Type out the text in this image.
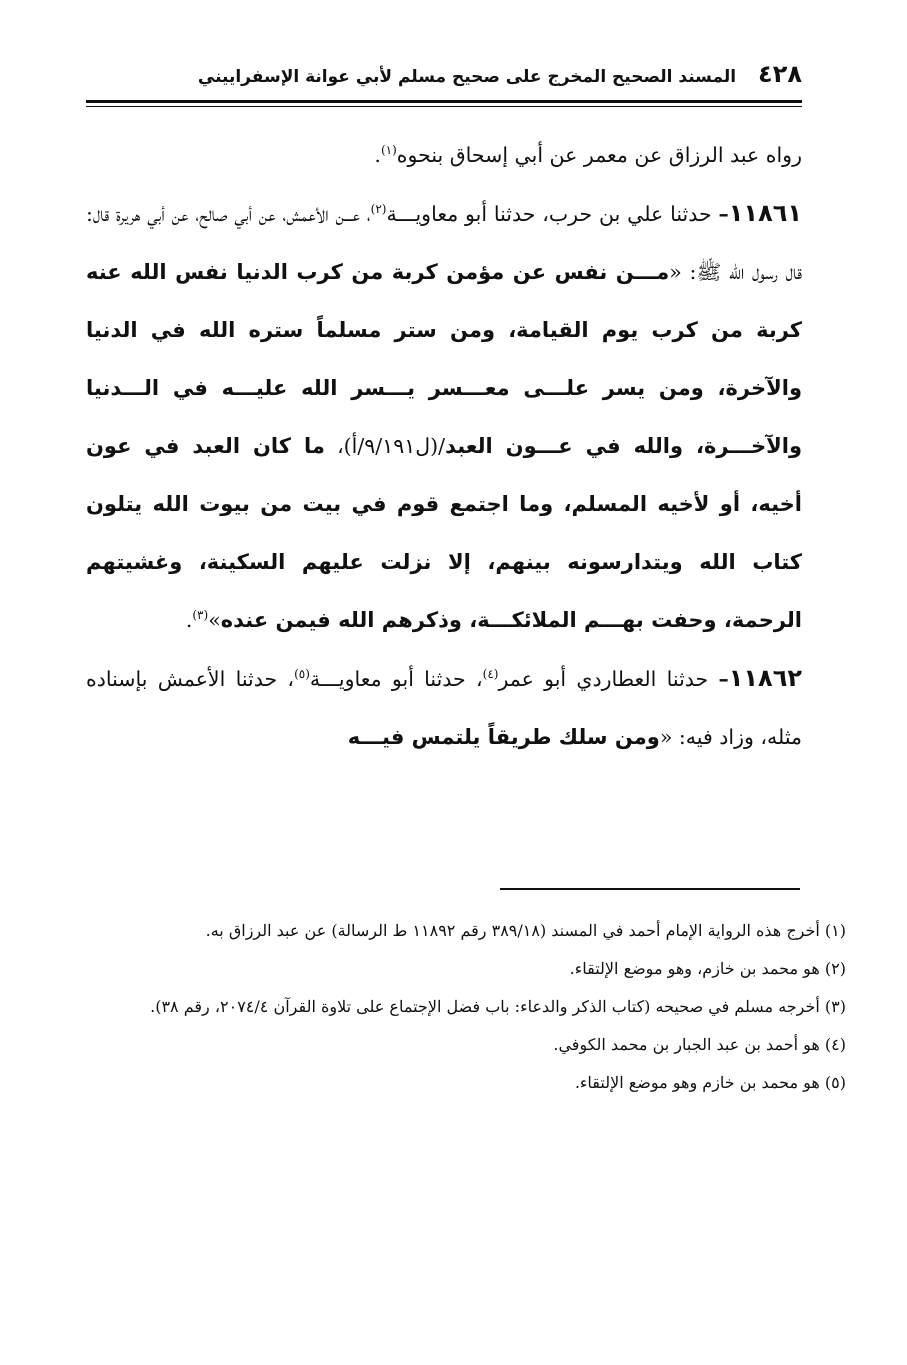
٤٢٨
المسند الصحيح المخرج على صحيح مسلم لأبي عوانة الإسفراييني

رواه عبد الرزاق عن معمر عن أبي إسحاق بنحوه$^{(١)}$.

١١٨٦١– حدثنا علي بن حرب، حدثنا أبو معاويـــة$^{(٢)}$، عـــن الأعمش، عن أبي صالح، عن أبي هريرة قال: قال رسول الله ﷺ: «مـــن نفس عن مؤمن كربة من كرب الدنيا نفس الله عنه كربة من كرب يوم القيامة، ومن ستر مسلماً ستره الله في الدنيا والآخرة، ومن يسر علـــى معـــسر يـــسر الله عليـــه في الـــدنيا والآخـــرة، والله في عـــون العبد/(ل٩/١٩١/أ)، ما كان العبد في عون أخيه، أو لأخيه المسلم، وما اجتمع قوم في بيت من بيوت الله يتلون كتاب الله ويتدارسونه بينهم، إلا نزلت عليهم السكينة، وغشيتهم الرحمة، وحفت بهـــم الملائكـــة، وذكرهم الله فيمن عنده»$^{(٣)}$.

١١٨٦٢– حدثنا العطاردي أبو عمر$^{(٤)}$، حدثنا أبو معاويـــة$^{(٥)}$، حدثنا الأعمش بإسناده مثله، وزاد فيه: «ومن سلك طريقاً يلتمس فيـــه

(١) أخرج هذه الرواية الإمام أحمد في المسند (٣٨٩/١٨ رقم ١١٨٩٢ ط الرسالة) عن عبد الرزاق به.

(٢) هو محمد بن خازم، وهو موضع الإلتقاء.

(٣) أخرجه مسلم في صحيحه (كتاب الذكر والدعاء: باب فضل الإجتماع على تلاوة القرآن ٢٠٧٤/٤، رقم ٣٨).

(٤) هو أحمد بن عبد الجبار بن محمد الكوفي.

(٥) هو محمد بن خازم وهو موضع الإلتقاء.
